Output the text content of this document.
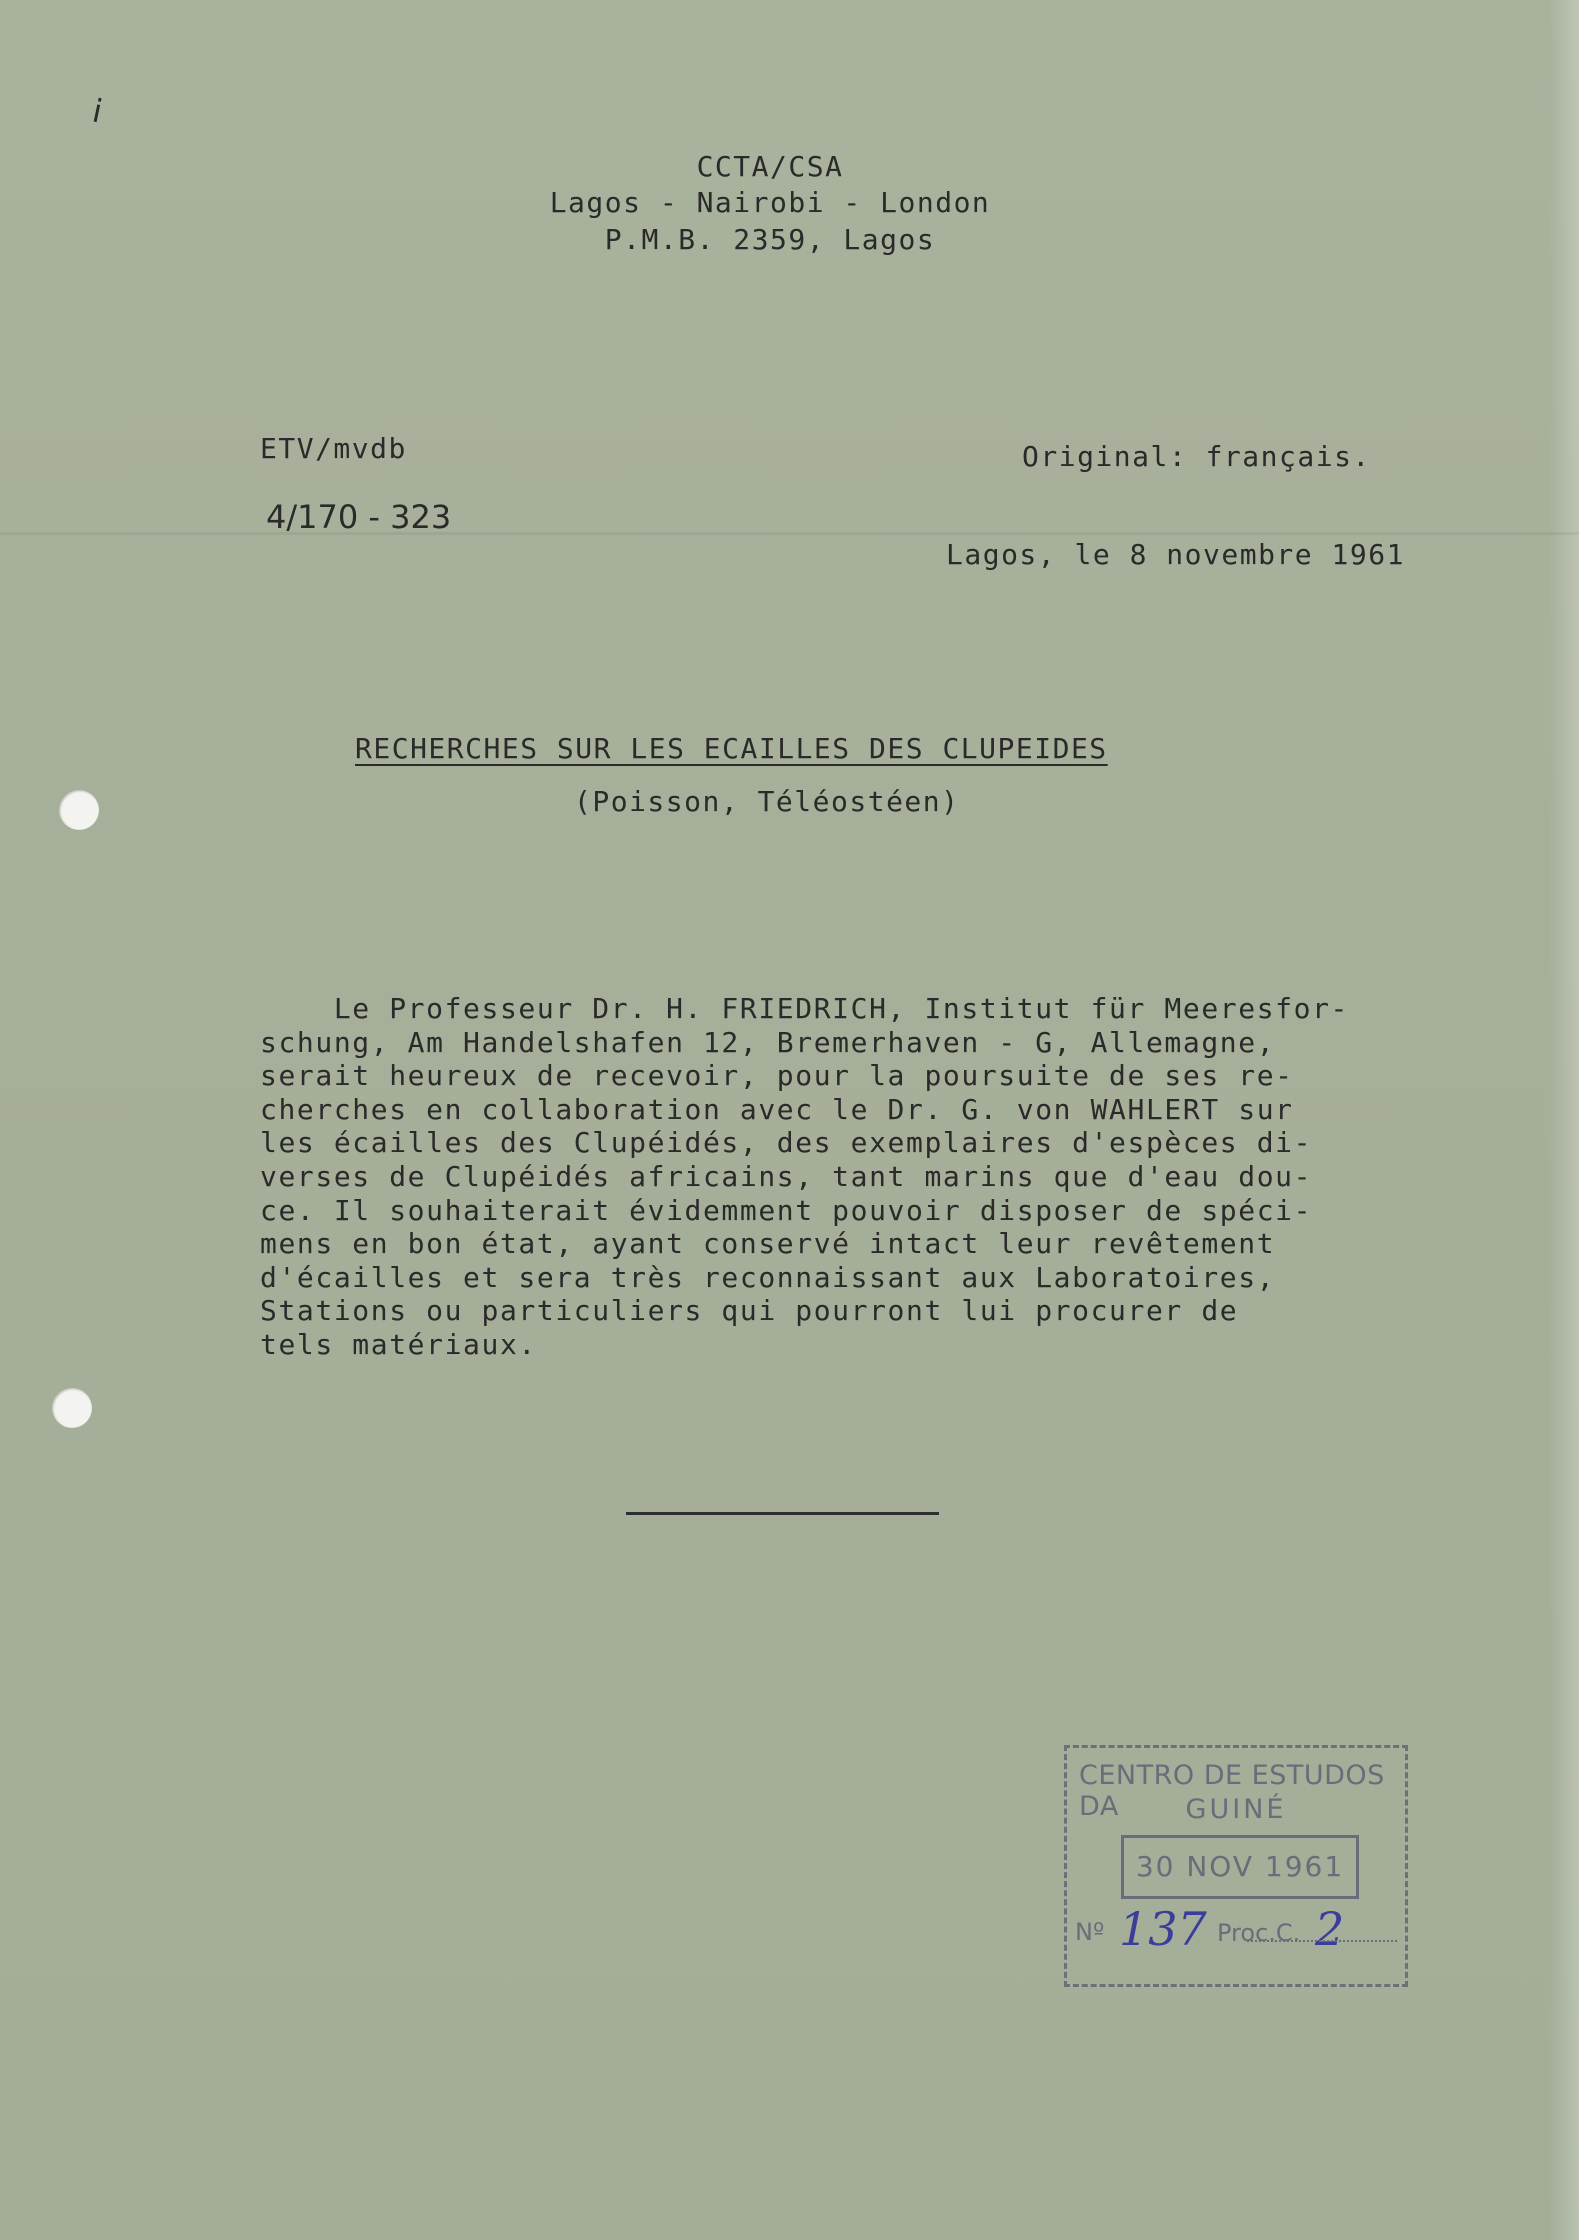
i
CCTA/CSA
Lagos - Nairobi - London
P.M.B. 2359, Lagos
ETV/mvdb
4/170 - 323
Original: français.
Lagos, le 8 novembre 1961
RECHERCHES SUR LES ECAILLES DES CLUPEIDES
(Poisson, Téléostéen)
Le Professeur Dr. H. FRIEDRICH, Institut für Meeresfor-
schung, Am Handelshafen 12, Bremerhaven - G, Allemagne,
serait heureux de recevoir, pour la poursuite de ses re-
cherches en collaboration avec le Dr. G. von WAHLERT sur
les écailles des Clupéidés, des exemplaires d'espèces di-
verses de Clupéidés africains, tant marins que d'eau dou-
ce. Il souhaiterait évidemment pouvoir disposer de spéci-
mens en bon état, ayant conservé intact leur revêtement
d'écailles et sera très reconnaissant aux Laboratoires,
Stations ou particuliers qui pourront lui procurer de
tels matériaux.
CENTRO DE ESTUDOS DA	GUINÉ
30 NOV 1961
Nº 137 Proc.C. 2
